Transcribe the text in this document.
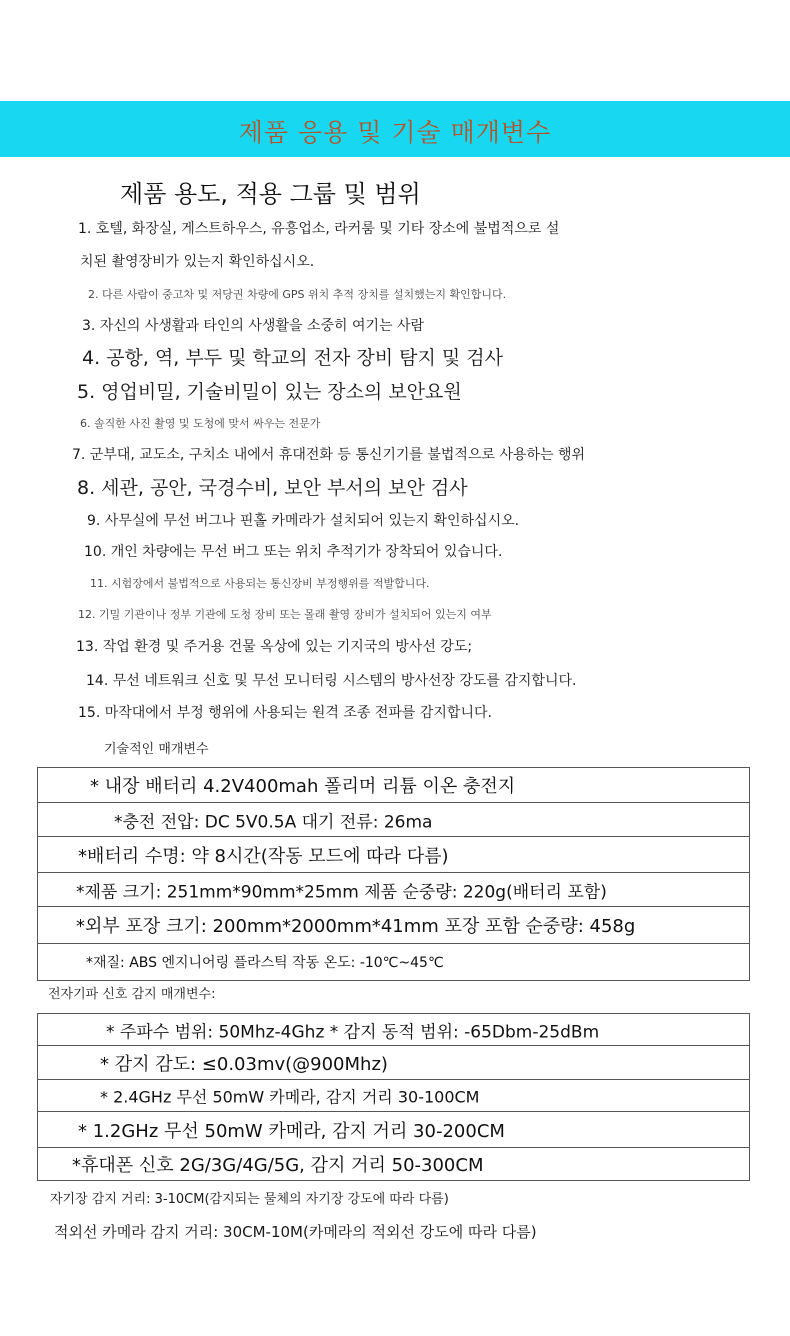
제품 응용 및 기술 매개변수
제품 용도, 적용 그룹 및 범위
1. 호텔, 화장실, 게스트하우스, 유흥업소, 라커룸 및 기타 장소에 불법적으로 설
치된 촬영장비가 있는지 확인하십시오.
2. 다른 사람이 중고차 및 저당권 차량에 GPS 위치 추적 장치를 설치했는지 확인합니다.
3. 자신의 사생활과 타인의 사생활을 소중히 여기는 사람
4. 공항, 역, 부두 및 학교의 전자 장비 탐지 및 검사
5. 영업비밀, 기술비밀이 있는 장소의 보안요원
6. 솔직한 사진 촬영 및 도청에 맞서 싸우는 전문가
7. 군부대, 교도소, 구치소 내에서 휴대전화 등 통신기기를 불법적으로 사용하는 행위
8. 세관, 공안, 국경수비, 보안 부서의 보안 검사
9. 사무실에 무선 버그나 핀홀 카메라가 설치되어 있는지 확인하십시오.
10. 개인 차량에는 무선 버그 또는 위치 추적기가 장착되어 있습니다.
11. 시험장에서 불법적으로 사용되는 통신장비 부정행위를 적발합니다.
12. 기밀 기관이나 정부 기관에 도청 장비 또는 몰래 촬영 장비가 설치되어 있는지 여부
13. 작업 환경 및 주거용 건물 옥상에 있는 기지국의 방사선 강도;
14. 무선 네트워크 신호 및 무선 모니터링 시스템의 방사선장 강도를 감지합니다.
15. 마작대에서 부정 행위에 사용되는 원격 조종 전파를 감지합니다.
기술적인 매개변수
* 내장 배터리 4.2V400mah 폴리머 리튬 이온 충전지
*충전 전압: DC 5V0.5A 대기 전류: 26ma
*배터리 수명: 약 8시간(작동 모드에 따라 다름)
*제품 크기: 251mm*90mm*25mm 제품 순중량: 220g(배터리 포함)
*외부 포장 크기: 200mm*2000mm*41mm 포장 포함 순중량: 458g
*재질: ABS 엔지니어링 플라스틱 작동 온도: -10℃~45℃
전자기파 신호 감지 매개변수:
* 주파수 범위: 50Mhz-4Ghz * 감지 동적 범위: -65Dbm-25dBm
* 감지 감도: ≤0.03mv(@900Mhz)
* 2.4GHz 무선 50mW 카메라, 감지 거리 30-100CM
* 1.2GHz 무선 50mW 카메라, 감지 거리 30-200CM
*휴대폰 신호 2G/3G/4G/5G, 감지 거리 50-300CM
자기장 감지 거리: 3-10CM(감지되는 물체의 자기장 강도에 따라 다름)
적외선 카메라 감지 거리: 30CM-10M(카메라의 적외선 강도에 따라 다름)
